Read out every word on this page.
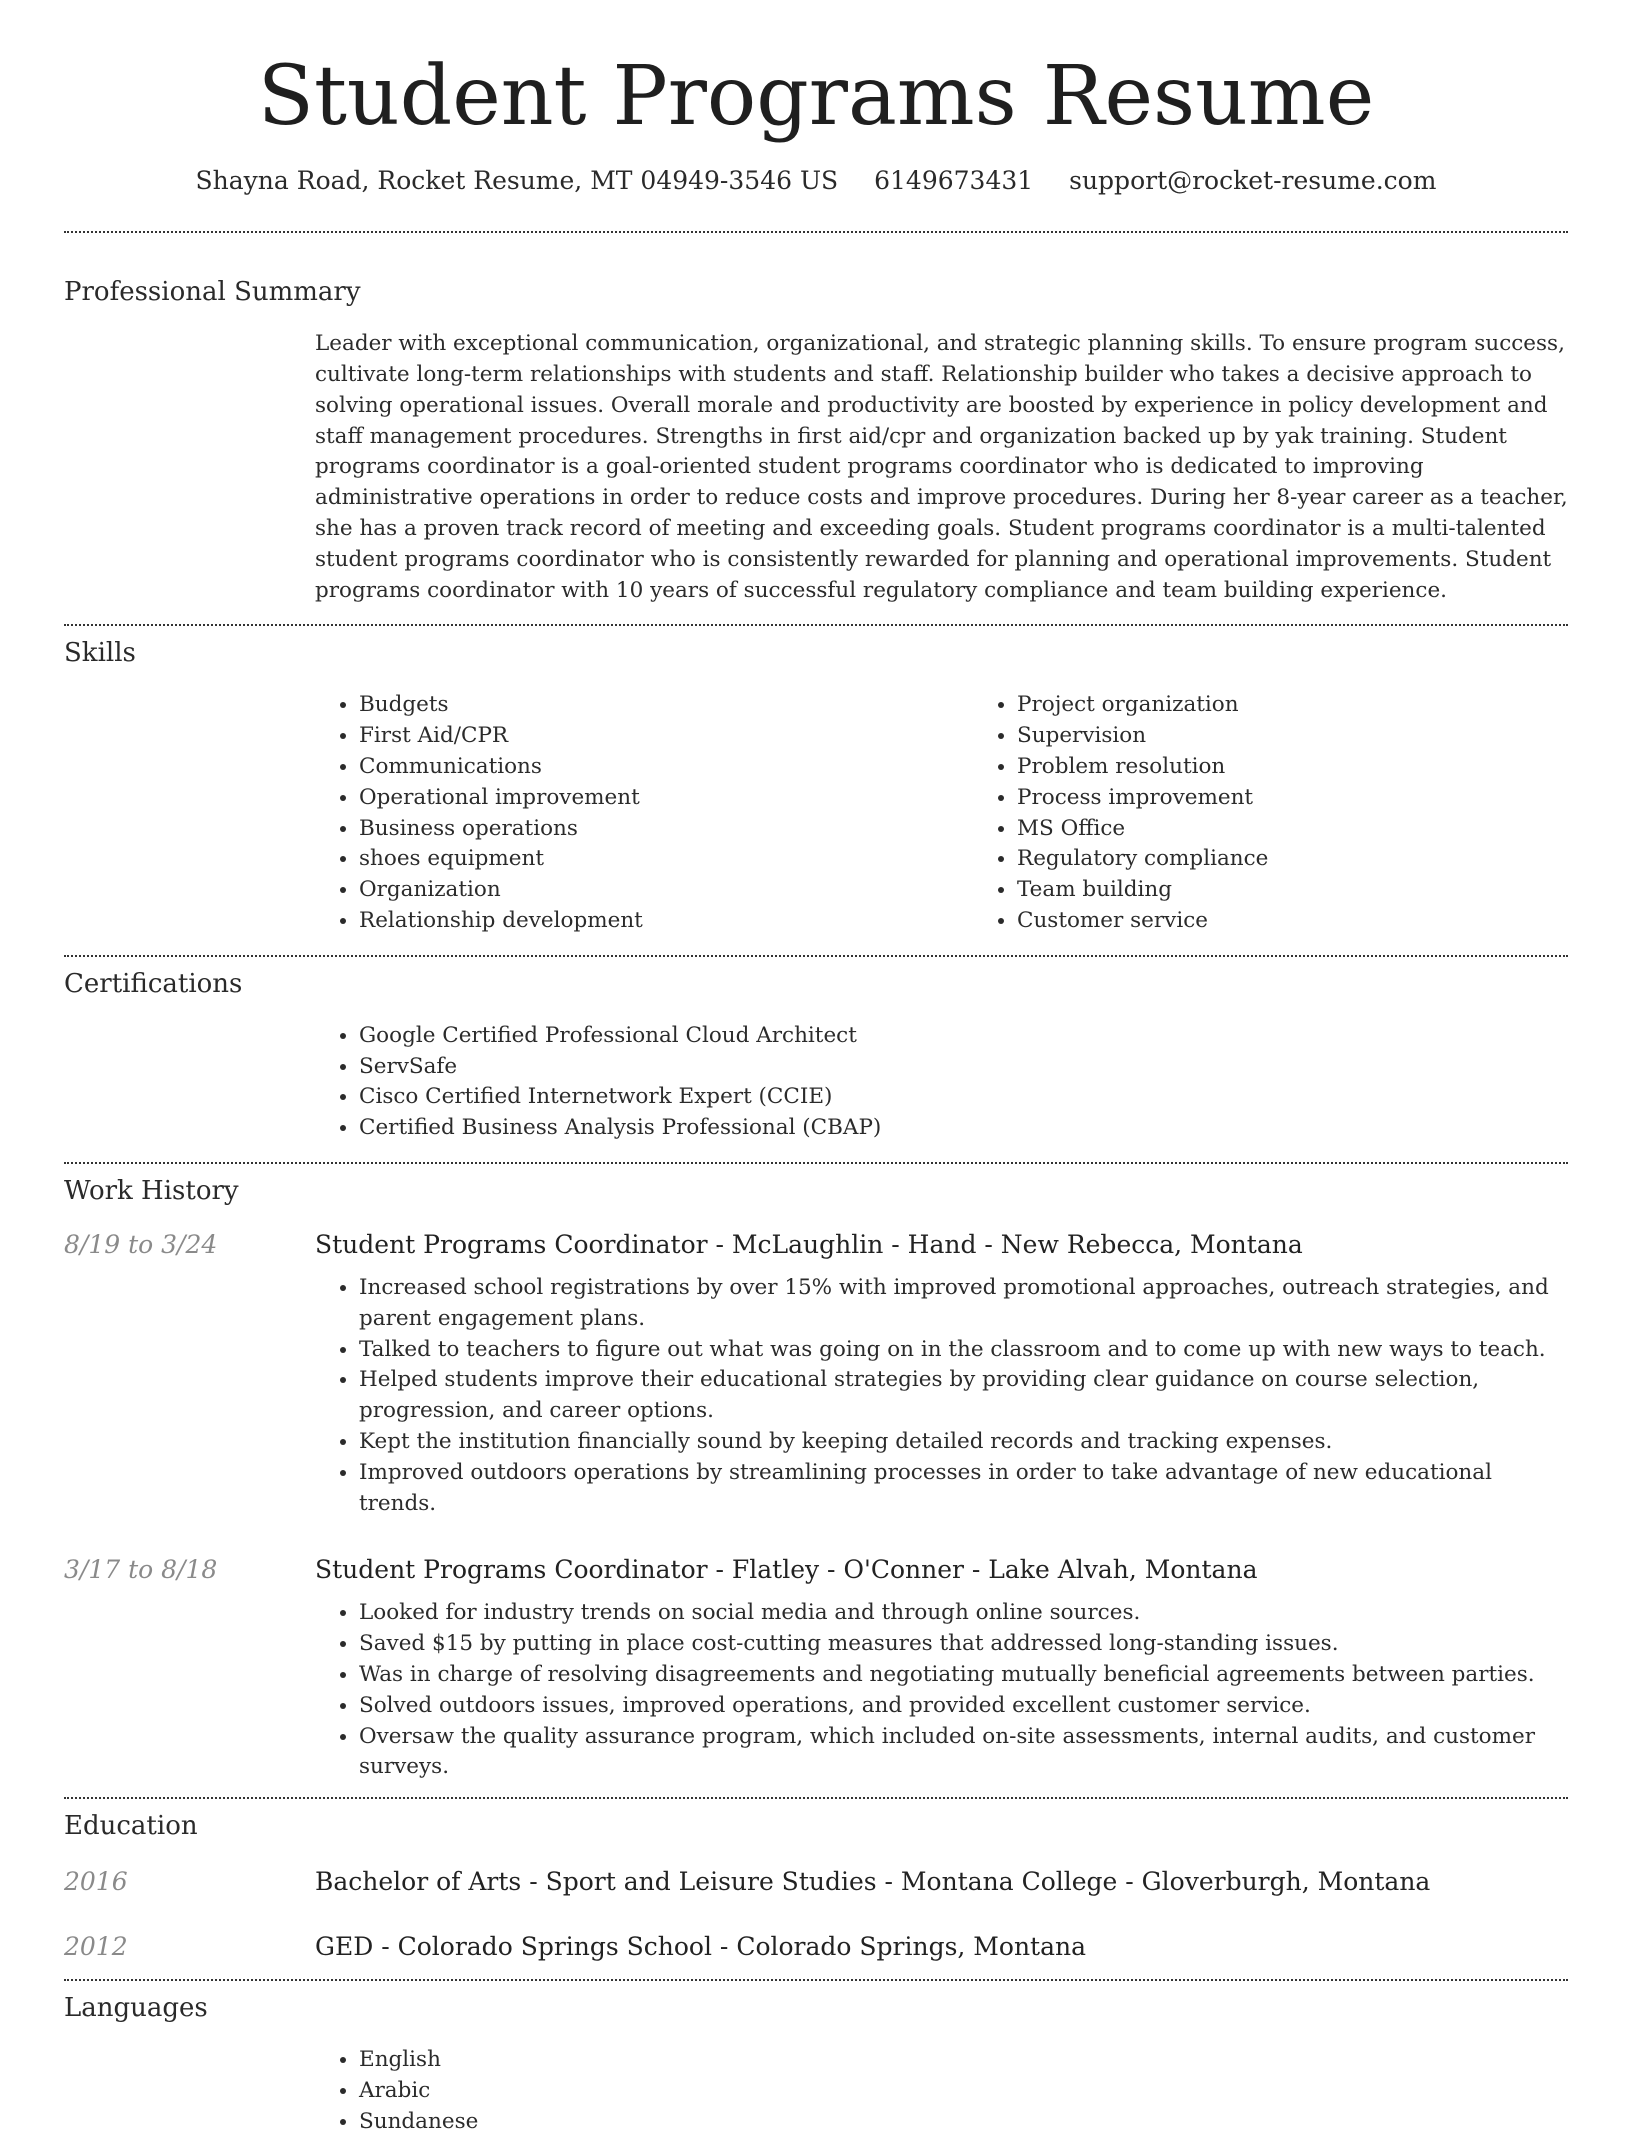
Student Programs Resume
Shayna Road, Rocket Resume, MT 04949-3546 US 6149673431 support@rocket-resume.com
Professional Summary

Leader with exceptional communication, organizational, and strategic planning skills. To ensure program success, cultivate long-term relationships with students and staff. Relationship builder who takes a decisive approach to solving operational issues. Overall morale and productivity are boosted by experience in policy development and staff management procedures. Strengths in first aid/cpr and organization backed up by yak training. Student programs coordinator is a goal-oriented student programs coordinator who is dedicated to improving administrative operations in order to reduce costs and improve procedures. During her 8-year career as a teacher, she has a proven track record of meeting and exceeding goals. Student programs coordinator is a multi-talented student programs coordinator who is consistently rewarded for planning and operational improvements. Student programs coordinator with 10 years of successful regulatory compliance and team building experience.

Skills
• Budgets
• First Aid/CPR
• Communications
• Operational improvement
• Business operations
• shoes equipment
• Organization
• Relationship development
• Project organization
• Supervision
• Problem resolution
• Process improvement
• MS Office
• Regulatory compliance
• Team building
• Customer service
Certifications
• Google Certified Professional Cloud Architect
• ServSafe
• Cisco Certified Internetwork Expert (CCIE)
• Certified Business Analysis Professional (CBAP)
Work History
8/19 to 3/24	Student Programs Coordinator - McLaughlin - Hand - New Rebecca, Montana
• Increased school registrations by over 15% with improved promotional approaches, outreach strategies, and parent engagement plans.
• Talked to teachers to figure out what was going on in the classroom and to come up with new ways to teach.
• Helped students improve their educational strategies by providing clear guidance on course selection, progression, and career options.
• Kept the institution financially sound by keeping detailed records and tracking expenses.
• Improved outdoors operations by streamlining processes in order to take advantage of new educational trends.
3/17 to 8/18	Student Programs Coordinator - Flatley - O'Conner - Lake Alvah, Montana
• Looked for industry trends on social media and through online sources.
• Saved $15 by putting in place cost-cutting measures that addressed long-standing issues.
• Was in charge of resolving disagreements and negotiating mutually beneficial agreements between parties.
• Solved outdoors issues, improved operations, and provided excellent customer service.
• Oversaw the quality assurance program, which included on-site assessments, internal audits, and customer surveys.
Education
2016	Bachelor of Arts - Sport and Leisure Studies - Montana College - Gloverburgh, Montana
2012	GED - Colorado Springs School - Colorado Springs, Montana
Languages
• English
• Arabic
• Sundanese
